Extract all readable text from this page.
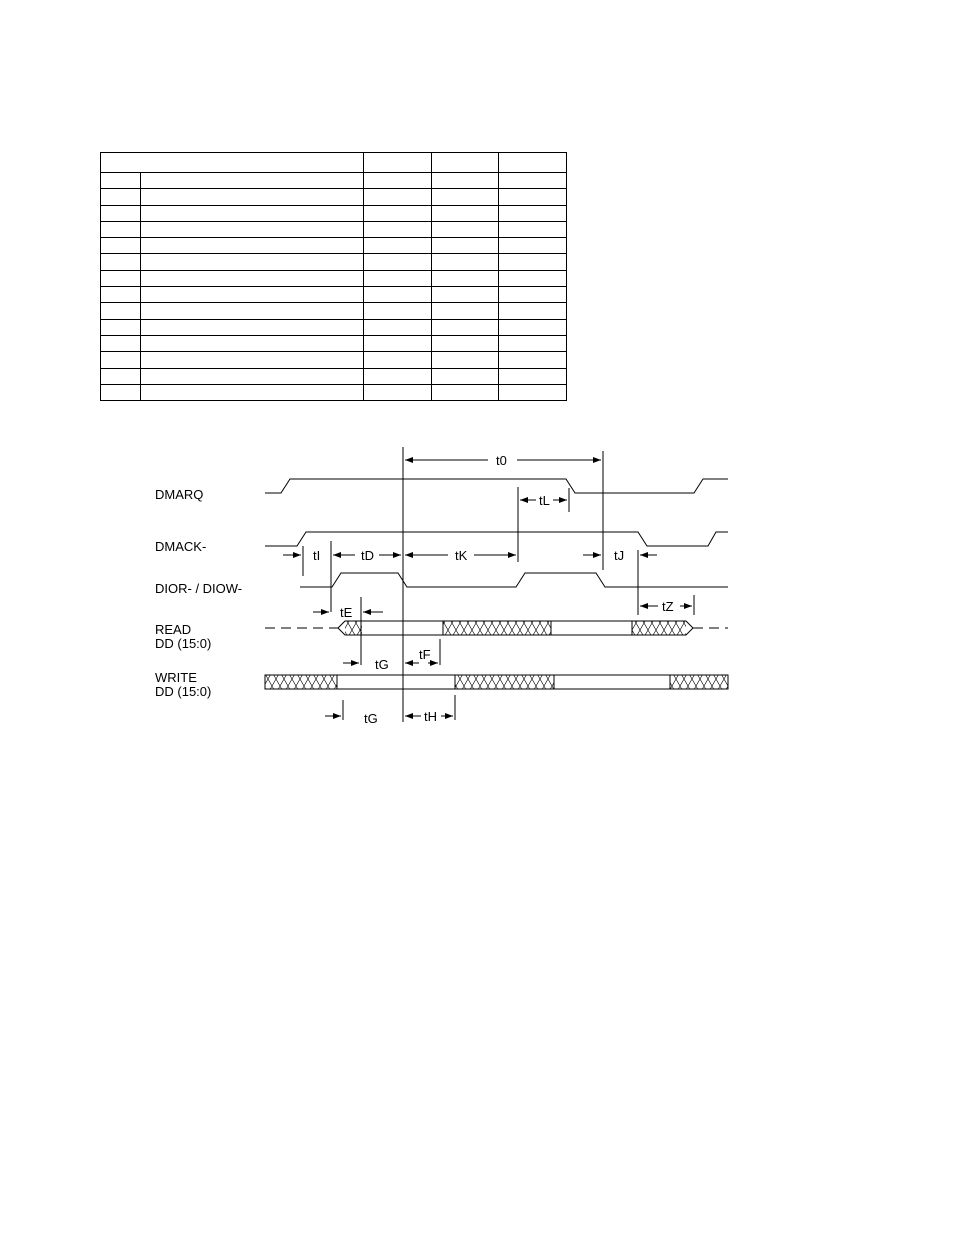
DMARQ
DMACK-
DIOR- / DIOW-
READ
DD (15:0)
WRITE
DD (15:0)
t0
tL
tI	tD	tK	tJ
tZ
tE
tF
tG
tG	tH
